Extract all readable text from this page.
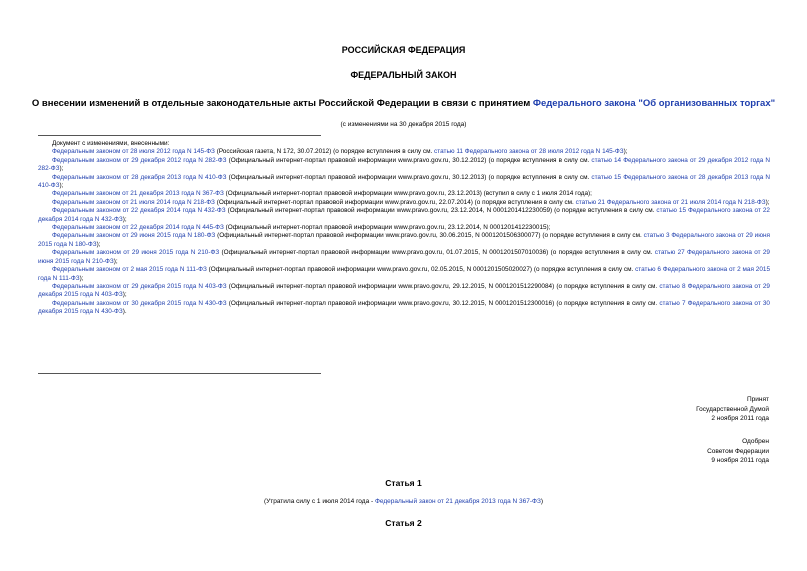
РОССИЙСКАЯ ФЕДЕРАЦИЯ
ФЕДЕРАЛЬНЫЙ ЗАКОН
О внесении изменений в отдельные законодательные акты Российской Федерации в связи с принятием Федерального закона "Об организованных торгах"
(с изменениями на 30 декабря 2015 года)
Документ с изменениями, внесенными:

Федеральным законом от 28 июля 2012 года N 145-ФЗ (Российская газета, N 172, 30.07.2012) (о порядке вступления в силу см. статью 11 Федерального закона от 28 июля 2012 года N 145-ФЗ);

Федеральным законом от 29 декабря 2012 года N 282-ФЗ (Официальный интернет-портал правовой информации www.pravo.gov.ru, 30.12.2012) (о порядке вступления в силу см. статью 14 Федерального закона от 29 декабря 2012 года N 282-ФЗ);

Федеральным законом от 28 декабря 2013 года N 410-ФЗ (Официальный интернет-портал правовой информации www.pravo.gov.ru, 30.12.2013) (о порядке вступления в силу см. статью 15 Федерального закона от 28 декабря 2013 года N 410-ФЗ);

Федеральным законом от 21 декабря 2013 года N 367-ФЗ (Официальный интернет-портал правовой информации www.pravo.gov.ru, 23.12.2013) (вступил в силу с 1 июля 2014 года);

Федеральным законом от 21 июля 2014 года N 218-ФЗ (Официальный интернет-портал правовой информации www.pravo.gov.ru, 22.07.2014) (о порядке вступления в силу см. статью 21 Федерального закона от 21 июля 2014 года N 218-ФЗ);

Федеральным законом от 22 декабря 2014 года N 432-ФЗ (Официальный интернет-портал правовой информации www.pravo.gov.ru, 23.12.2014, N 0001201412230059) (о порядке вступления в силу см. статью 15 Федерального закона от 22 декабря 2014 года N 432-ФЗ);

Федеральным законом от 22 декабря 2014 года N 445-ФЗ (Официальный интернет-портал правовой информации www.pravo.gov.ru, 23.12.2014, N 0001201412230015);

Федеральным законом от 29 июня 2015 года N 180-ФЗ (Официальный интернет-портал правовой информации www.pravo.gov.ru, 30.06.2015, N 0001201506300077) (о порядке вступления в силу см. статью 3 Федерального закона от 29 июня 2015 года N 180-ФЗ);

Федеральным законом от 29 июня 2015 года N 210-ФЗ (Официальный интернет-портал правовой информации www.pravo.gov.ru, 01.07.2015, N 0001201507010036) (о порядке вступления в силу см. статью 27 Федерального закона от 29 июня 2015 года N 210-ФЗ);

Федеральным законом от 2 мая 2015 года N 111-ФЗ (Официальный интернет-портал правовой информации www.pravo.gov.ru, 02.05.2015, N 0001201505020027) (о порядке вступления в силу см. статью 6 Федерального закона от 2 мая 2015 года N 111-ФЗ);

Федеральным законом от 29 декабря 2015 года N 403-ФЗ (Официальный интернет-портал правовой информации www.pravo.gov.ru, 29.12.2015, N 0001201512290084) (о порядке вступления в силу см. статью 8 Федерального закона от 29 декабря 2015 года N 403-ФЗ);

Федеральным законом от 30 декабря 2015 года N 430-ФЗ (Официальный интернет-портал правовой информации www.pravo.gov.ru, 30.12.2015, N 0001201512300016) (о порядке вступления в силу см. статью 7 Федерального закона от 30 декабря 2015 года N 430-ФЗ).

Принят
Государственной Думой
2 ноября 2011 года
Одобрен
Советом Федерации
9 ноября 2011 года
Статья 1
(Утратила силу с 1 июля 2014 года - Федеральный закон от 21 декабря 2013 года N 367-ФЗ)
Статья 2
